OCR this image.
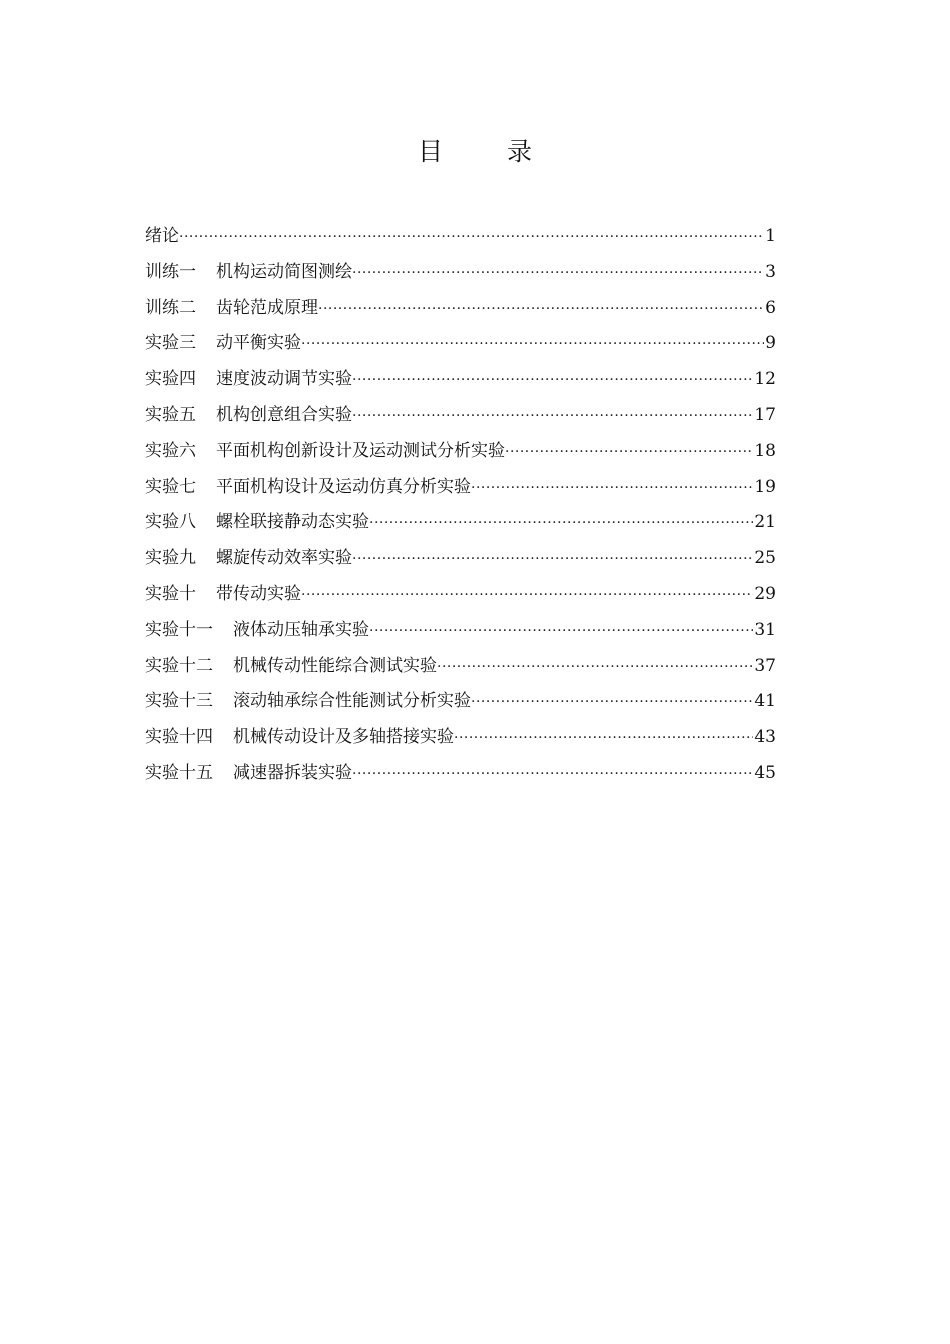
目 录
绪论 ·····	1
训练一 机构运动简图测绘 ·····	3
训练二 齿轮范成原理 ·····	6
实验三 动平衡实验 ·····	9
实验四 速度波动调节实验 ·····	12
实验五 机构创意组合实验 ·····	17
实验六 平面机构创新设计及运动测试分析实验 ·····	18
实验七 平面机构设计及运动仿真分析实验 ·····	19
实验八 螺栓联接静动态实验 ·····	21
实验九 螺旋传动效率实验 ·····	25
实验十 带传动实验 ·····	29
实验十一 液体动压轴承实验 ·····	31
实验十二 机械传动性能综合测试实验 ·····	37
实验十三 滚动轴承综合性能测试分析实验 ·····	41
实验十四 机械传动设计及多轴搭接实验 ·····	43
实验十五 减速器拆装实验 ·····	45
